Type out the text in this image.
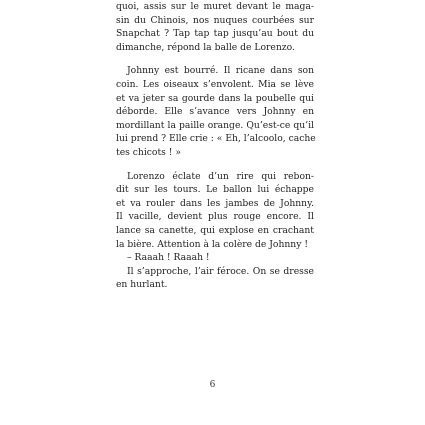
quoi, assis sur le muret devant le maga-
sin du Chinois, nos nuques courbées sur
Snapchat ? Tap tap tap jusqu’au bout du
dimanche, répond la balle de Lorenzo.
Johnny est bourré. Il ricane dans son
coin. Les oiseaux s’envolent. Mia se lève
et va jeter sa gourde dans la poubelle qui
déborde. Elle s’avance vers Johnny en
mordillant la paille orange. Qu’est-ce qu’il
lui prend ? Elle crie : « Eh, l’alcoolo, cache
tes chicots ! »
Lorenzo éclate d’un rire qui rebon-
dit sur les tours. Le ballon lui échappe
et va rouler dans les jambes de Johnny.
Il vacille, devient plus rouge encore. Il
lance sa canette, qui explose en crachant
la bière. Attention à la colère de Johnny !
– Raaah ! Raaah !
Il s’approche, l’air féroce. On se dresse
en hurlant.
6
